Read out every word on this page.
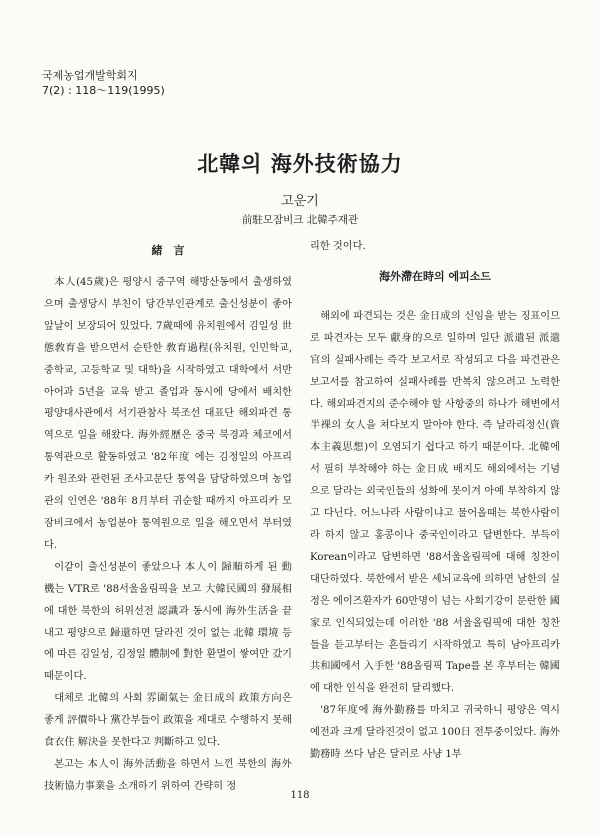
국제농업개발학회지
7(2) : 118～119(1995)
北韓의 海外技術協力
고운기
前駐모잠비크 北韓주재관
緒　言

本人(45歲)은 평양시 중구역 해방산동에서 출생하였으며 출생당시 부친이 당간부인관계로 출신성분이 좋아 앞날이 보장되어 있었다. 7歲때에 유치원에서 김일성 世態敎育을 받으면서 순탄한 敎育過程(유치원, 인민학교, 중학교, 고등학교 및 대학)을 시작하였고 대학에서 서반아어과 5년을 교육 받고 졸업과 동시에 당에서 배치한 평양대사관에서 서기관참사 북조선 대표단 해외파견 통역으로 일을 해왔다. 海外經歷은 중국 북경과 체코에서 통역관으로 활동하였고 '82年度 에는 김정일의 아프리카 원조와 관련된 조사고문단 통역을 담당하였으며 농업관의 인연은 '88年 8月부터 귀순할 때까지 아프리카 모잠비크에서 농업분야 통역원으로 일을 해오면서 부터였다.

이같이 출신성분이 좋았으나 本人이 歸順하게 된 動機는 VTR로 '88서울올림픽을 보고 大韓民國의 發展相에 대한 북한의 허위선전 認識과 동시에 海外生活을 끝내고 평양으로 歸還하면 달라진 것이 없는 北韓 環境 등에 따른 김일성, 김정일 體制에 對한 환멸이 쌓여만 갔기 때문이다.

대체로 北韓의 사회 雰圍氣는 金日成의 政策方向은 좋게 評價하나 黨간부들이 政策을 제대로 수행하지 못해 食衣住 解決을 못한다고 判斷하고 있다.

본고는 本人이 海外活動을 하면서 느낀 북한의 海外技術協力事業을 소개하기 위하여 간략히 정

리한 것이다.

海外滯在時의 에피소드

해외에 파견되는 것은 金日成의 신임을 받는 징표이므로 파견자는 모두 獻身的으로 일하며 일단 派遣된 派遣官의 실패사례는 즉각 보고서로 작성되고 다음 파견관은 보고서를 참고하여 실패사례를 반복치 않으려고 노력한다. 해외파견지의 준수해야 할 사항중의 하나가 해변에서 半裸의 女人을 쳐다보지 말아야 한다. 즉 날라리정신(資本主義思想)이 오염되기 쉽다고 하기 때문이다. 北韓에서 필히 부착해야 하는 金日成 배지도 해외에서는 기념으로 달라는 외국인들의 성화에 못이겨 아예 부착하지 않고 다닌다. 어느나라 사람이냐고 물어올때는 북한사람이라 하지 않고 홍콩이나 중국인이라고 답변한다. 부득이 Korean이라고 답변하면 '88서울올림픽에 대해 칭찬이 대단하였다. 북한에서 받은 세뇌교육에 의하면 남한의 실정은 에이즈환자가 60만명이 넘는 사회기강이 문란한 國家로 인식되었는데 이러한 '88 서울올림픽에 대한 칭찬들을 듣고부터는 흔들리기 시작하였고 특히 남아프리카共和國에서 入手한 '88올림픽 Tape를 본 후부터는 韓國에 대한 인식을 완전히 달리했다.

'87年度에 海外勤務를 마치고 귀국하니 평양은 역시 예전과 크게 달라진것이 없고 100日 전투중이었다. 海外勤務時 쓰다 남은 달러로 사냥 1부

118
